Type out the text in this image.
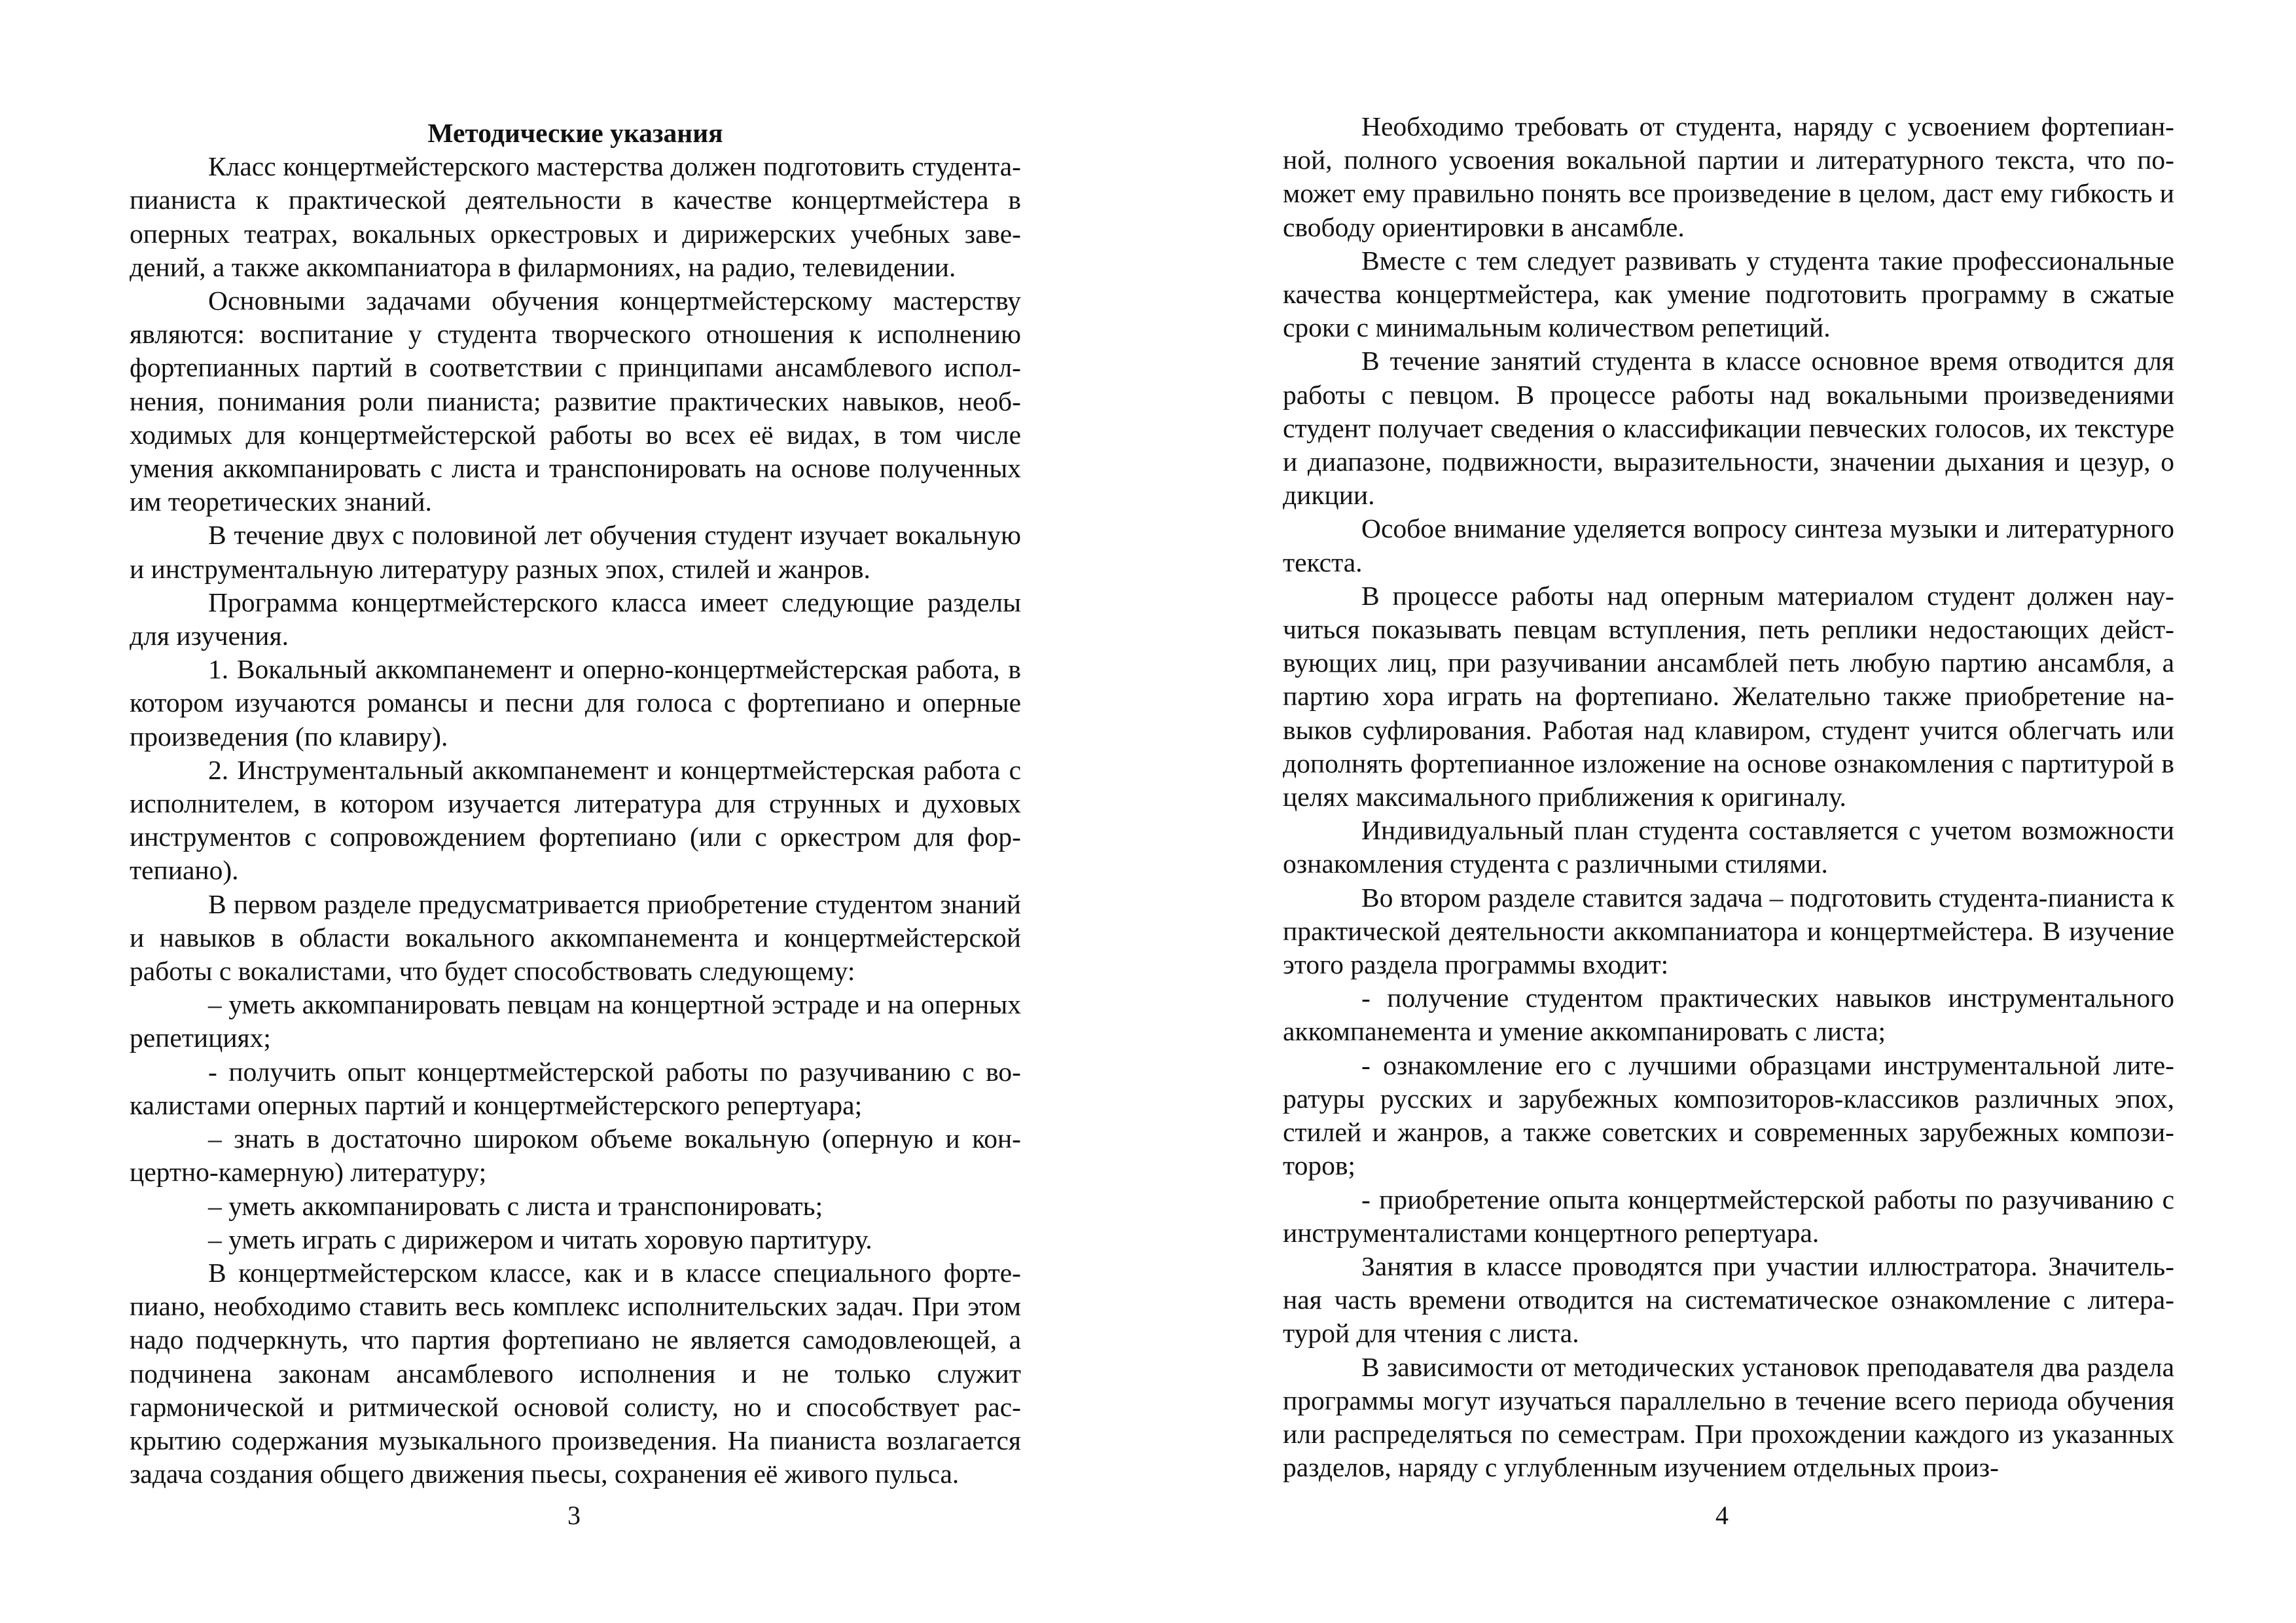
Методические указания

Класс концертмейстерского мастерства должен подготовить студента-пианиста к практической деятельности в качестве концертмейстера в оперных театрах, вокальных оркестровых и дирижерских учебных заведений, а также аккомпаниатора в филармониях, на радио, телевидении.

Основными задачами обучения концертмейстерскому мастерству являются: воспитание у студента творческого отношения к исполнению фортепианных партий в соответствии с принципами ансамблевого исполнения, понимания роли пианиста; развитие практических навыков, необходимых для концертмейстерской работы во всех её видах, в том числе умения аккомпанировать с листа и транспонировать на основе полученных им теоретических знаний.

В течение двух с половиной лет обучения студент изучает вокальную и инструментальную литературу разных эпох, стилей и жанров.

Программа концертмейстерского класса имеет следующие разделы для изучения.

1. Вокальный аккомпанемент и оперно-концертмейстерская работа, в котором изучаются романсы и песни для голоса с фортепиано и оперные произведения (по клавиру).

2. Инструментальный аккомпанемент и концертмейстерская работа с исполнителем, в котором изучается литература для струнных и духовых инструментов с сопровождением фортепиано (или с оркестром для фортепиано).

В первом разделе предусматривается приобретение студентом знаний и навыков в области вокального аккомпанемента и концертмейстерской работы с вокалистами, что будет способствовать следующему:

– уметь аккомпанировать певцам на концертной эстраде и на оперных репетициях;

- получить опыт концертмейстерской работы по разучиванию с вокалистами оперных партий и концертмейстерского репертуара;

– знать в достаточно широком объеме вокальную (оперную и концертно-камерную) литературу;

– уметь аккомпанировать с листа и транспонировать;

– уметь играть с дирижером и читать хоровую партитуру.

В концертмейстерском классе, как и в классе специального фортепиано, необходимо ставить весь комплекс исполнительских задач. При этом надо подчеркнуть, что партия фортепиано не является самодовлеющей, а подчинена законам ансамблевого исполнения и не только служит гармонической и ритмической основой солисту, но и способствует раскрытию содержания музыкального произведения. На пианиста возлагается задача создания общего движения пьесы, сохранения её живого пульса.

3

Необходимо требовать от студента, наряду с усвоением фортепианной, полного усвоения вокальной партии и литературного текста, что поможет ему правильно понять все произведение в целом, даст ему гибкость и свободу ориентировки в ансамбле.

Вместе с тем следует развивать у студента такие профессиональные качества концертмейстера, как умение подготовить программу в сжатые сроки с минимальным количеством репетиций.

В течение занятий студента в классе основное время отводится для работы с певцом. В процессе работы над вокальными произведениями студент получает сведения о классификации певческих голосов, их текстуре и диапазоне, подвижности, выразительности, значении дыхания и цезур, о дикции.

Особое внимание уделяется вопросу синтеза музыки и литературного текста.

В процессе работы над оперным материалом студент должен научиться показывать певцам вступления, петь реплики недостающих действующих лиц, при разучивании ансамблей петь любую партию ансамбля, а партию хора играть на фортепиано. Желательно также приобретение навыков суфлирования. Работая над клавиром, студент учится облегчать или дополнять фортепианное изложение на основе ознакомления с партитурой в целях максимального приближения к оригиналу.

Индивидуальный план студента составляется с учетом возможности ознакомления студента с различными стилями.

Во втором разделе ставится задача – подготовить студента-пианиста к практической деятельности аккомпаниатора и концертмейстера. В изучение этого раздела программы входит:

- получение студентом практических навыков инструментального аккомпанемента и умение аккомпанировать с листа;

- ознакомление его с лучшими образцами инструментальной литературы русских и зарубежных композиторов-классиков различных эпох, стилей и жанров, а также советских и современных зарубежных композиторов;

- приобретение опыта концертмейстерской работы по разучиванию с инструменталистами концертного репертуара.

Занятия в классе проводятся при участии иллюстратора. Значительная часть времени отводится на систематическое ознакомление с литературой для чтения с листа.

В зависимости от методических установок преподавателя два раздела программы могут изучаться параллельно в течение всего периода обучения или распределяться по семестрам. При прохождении каждого из указанных разделов, наряду с углубленным изучением отдельных произ-

4
